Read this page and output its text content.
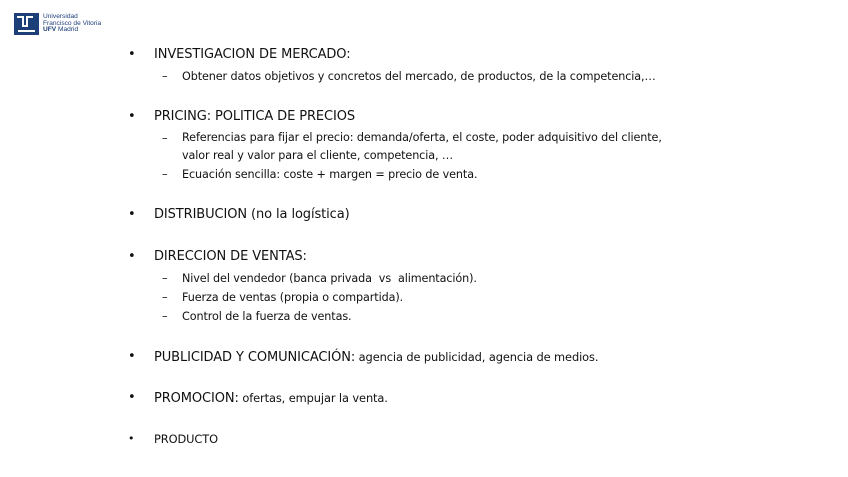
Universidad
Francisco de Vitoria
UFV Madrid
• INVESTIGACION DE MERCADO:
– Obtener datos objetivos y concretos del mercado, de productos, de la competencia,…
• PRICING: POLITICA DE PRECIOS
– Referencias para fijar el precio: demanda/oferta, el coste, poder adquisitivo del cliente,
valor real y valor para el cliente, competencia, …
– Ecuación sencilla: coste + margen = precio de venta.
• DISTRIBUCION (no la logística)
• DIRECCION DE VENTAS:
– Nivel del vendedor (banca privada  vs  alimentación).
– Fuerza de ventas (propia o compartida).
– Control de la fuerza de ventas.
• PUBLICIDAD Y COMUNICACIÓN: agencia de publicidad, agencia de medios.
• PROMOCION: ofertas, empujar la venta.
• PRODUCTO
